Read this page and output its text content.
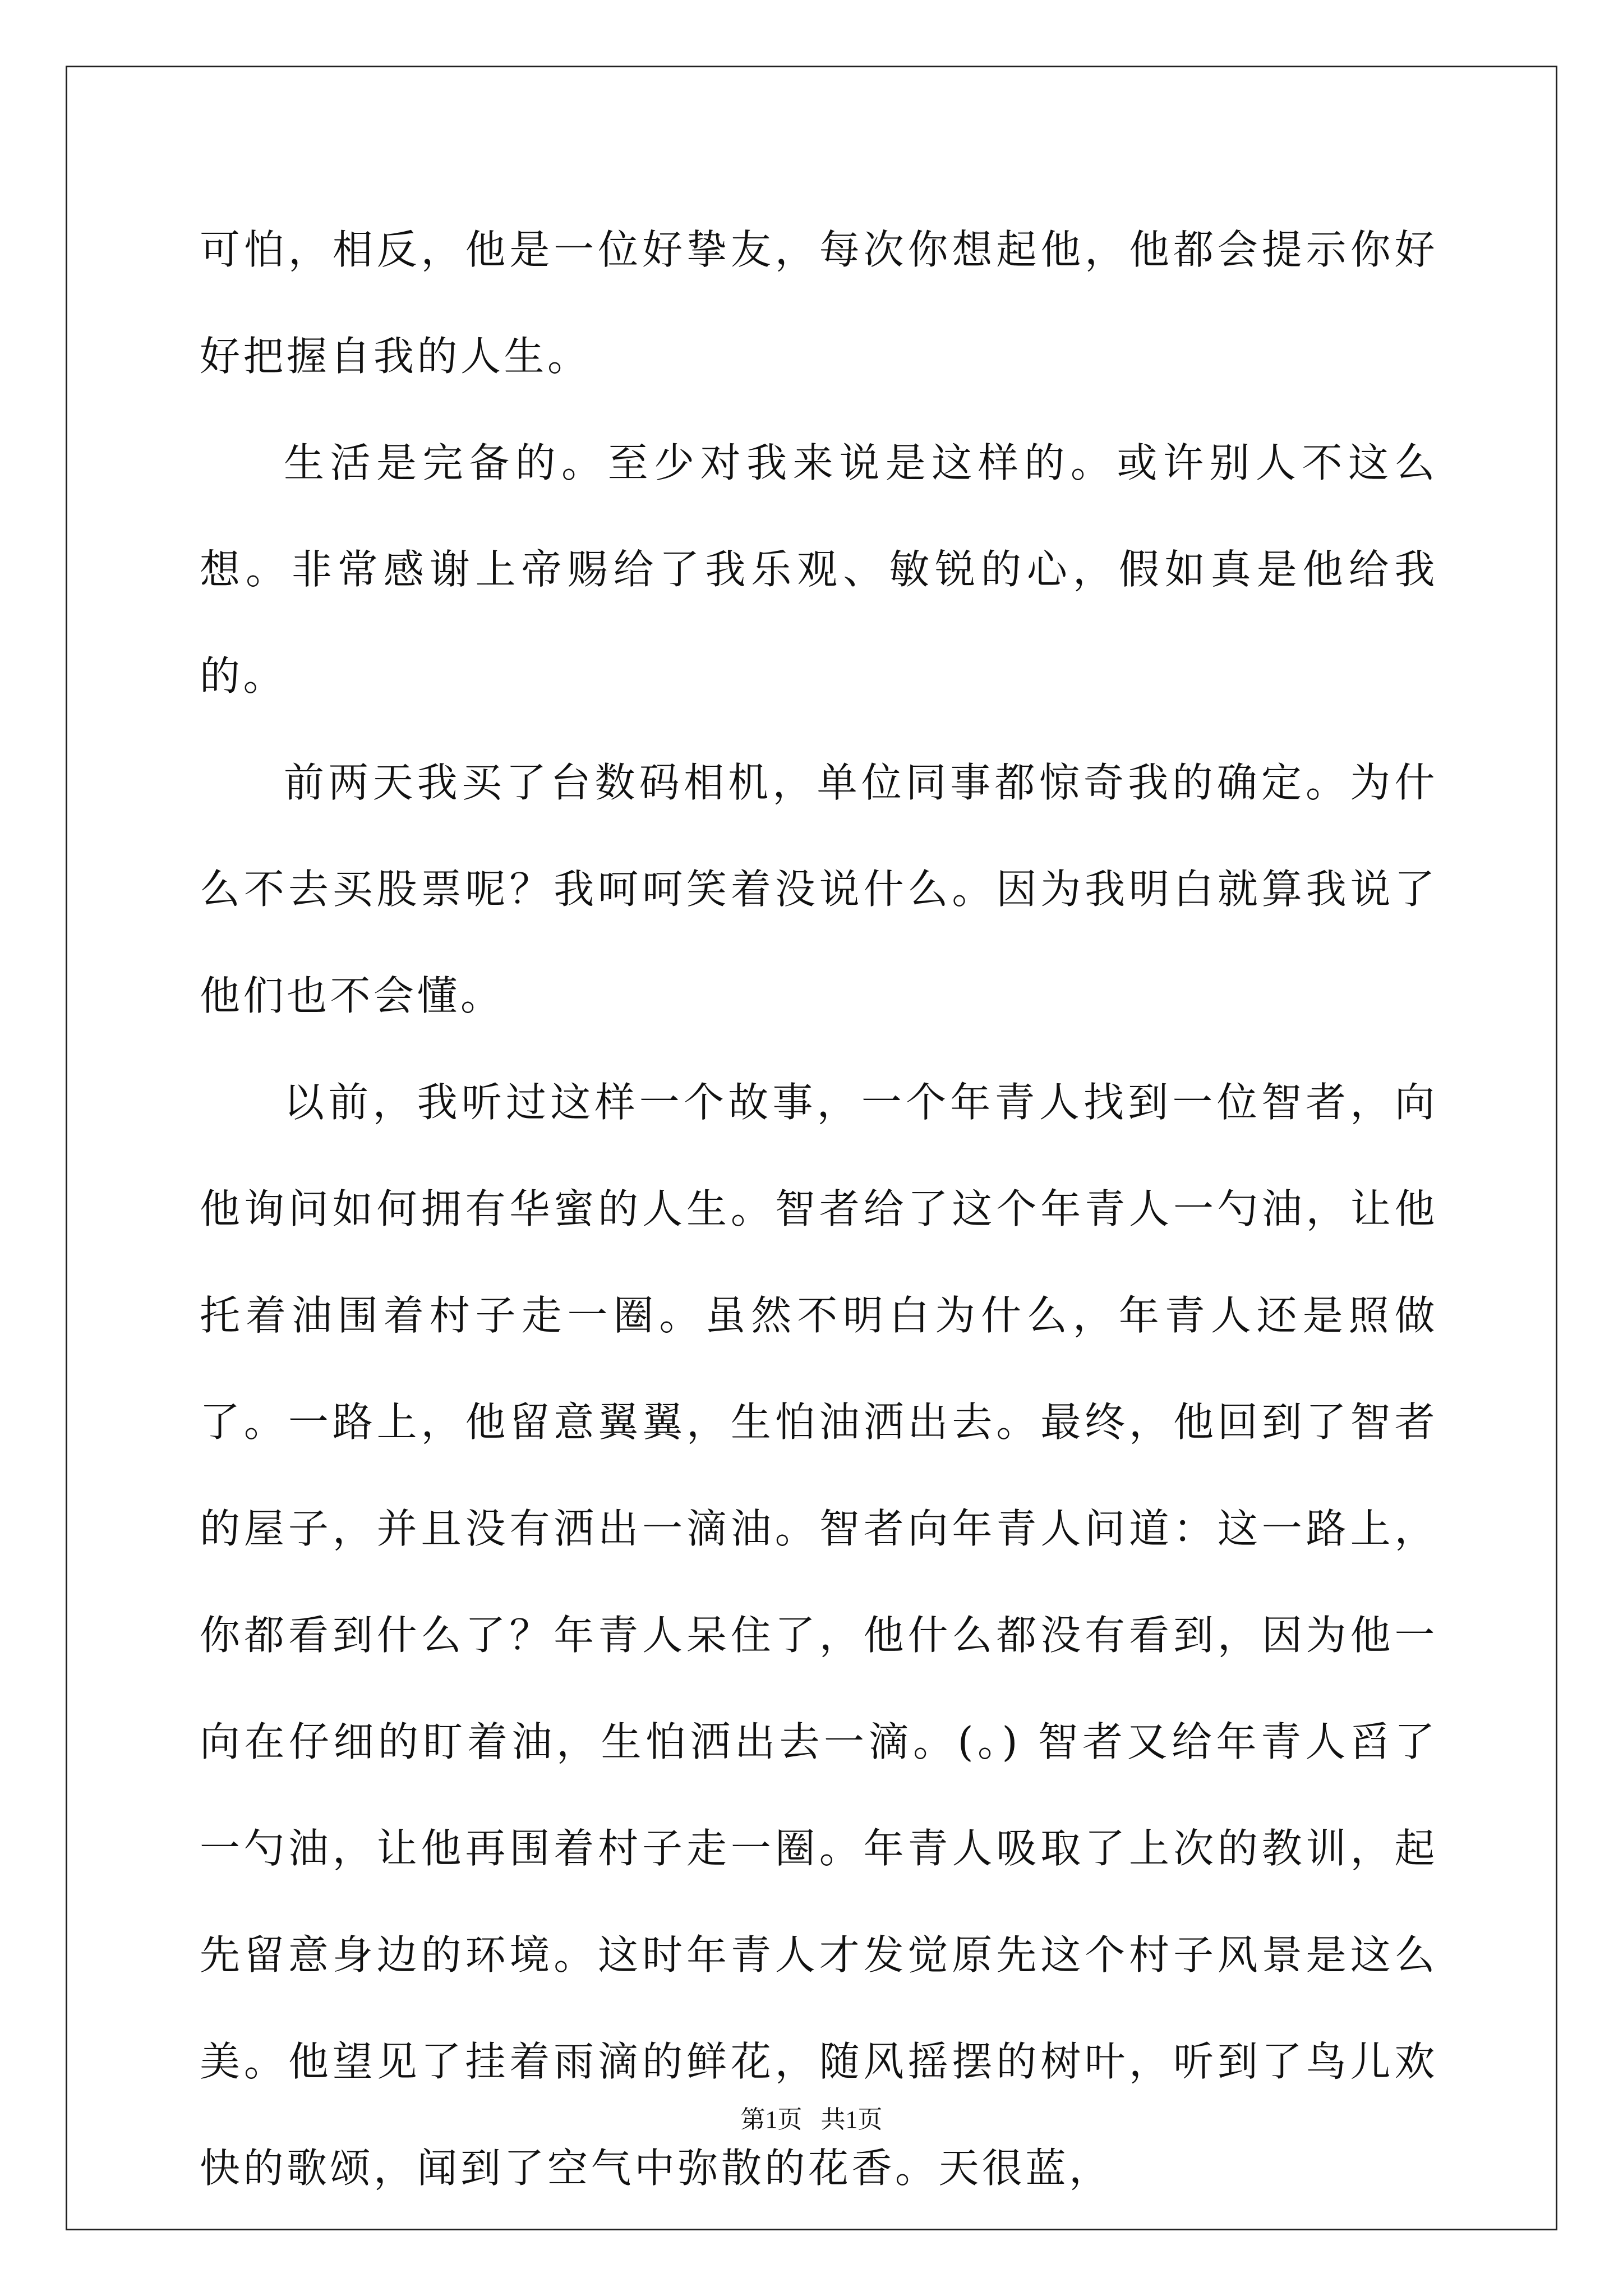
可怕，相反，他是一位好挚友，每次你想起他，他都会提示你好好把握自我的人生。

生活是完备的。至少对我来说是这样的。或许别人不这么想。非常感谢上帝赐给了我乐观、敏锐的心，假如真是他给我的。

前两天我买了台数码相机，单位同事都惊奇我的确定。为什么不去买股票呢？我呵呵笑着没说什么。因为我明白就算我说了他们也不会懂。

以前，我听过这样一个故事，一个年青人找到一位智者，向他询问如何拥有华蜜的人生。智者给了这个年青人一勺油，让他托着油围着村子走一圈。虽然不明白为什么，年青人还是照做了。一路上，他留意翼翼，生怕油洒出去。最终，他回到了智者的屋子，并且没有洒出一滴油。智者向年青人问道：这一路上，你都看到什么了？年青人呆住了，他什么都没有看到，因为他一向在仔细的盯着油，生怕洒出去一滴。(。) 智者又给年青人舀了一勺油，让他再围着村子走一圈。年青人吸取了上次的教训，起先留意身边的环境。这时年青人才发觉原先这个村子风景是这么美。他望见了挂着雨滴的鲜花，随风摇摆的树叶，听到了鸟儿欢快的歌颂，闻到了空气中弥散的花香。天很蓝，

第1页   共1页
